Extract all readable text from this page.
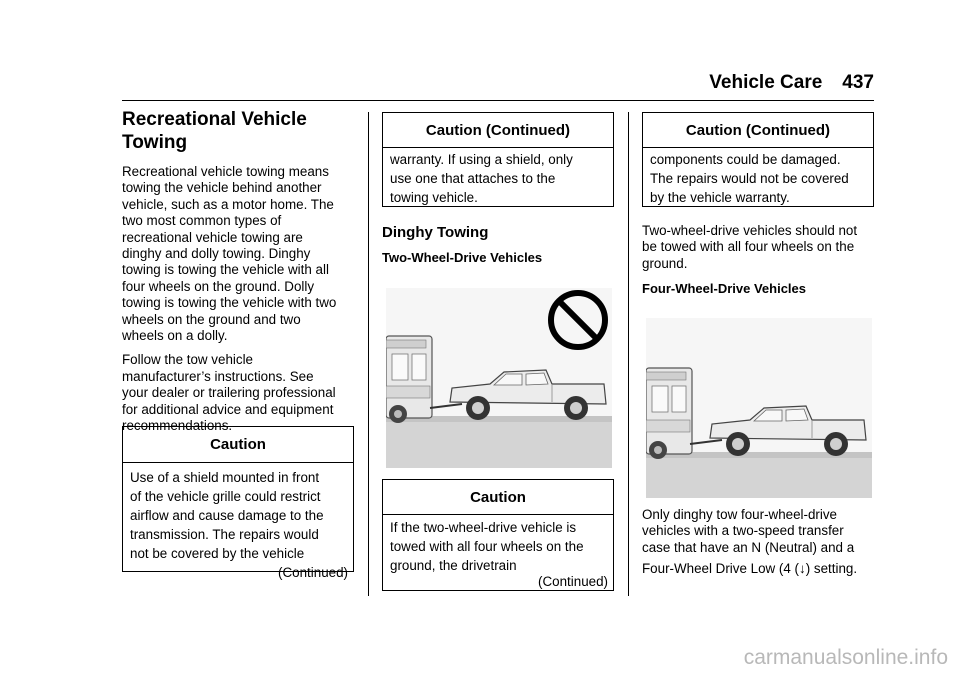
Vehicle Care 437
Recreational Vehicle
Towing
Recreational vehicle towing means
towing the vehicle behind another
vehicle, such as a motor home. The
two most common types of
recreational vehicle towing are
dinghy and dolly towing. Dinghy
towing is towing the vehicle with all
four wheels on the ground. Dolly
towing is towing the vehicle with two
wheels on the ground and two
wheels on a dolly.
Follow the tow vehicle
manufacturer’s instructions. See
your dealer or trailering professional
for additional advice and equipment
recommendations.
Caution
Use of a shield mounted in front
of the vehicle grille could restrict
airflow and cause damage to the
transmission. The repairs would
not be covered by the vehicle
(Continued)
Caution (Continued)
warranty. If using a shield, only
use one that attaches to the
towing vehicle.
Dinghy Towing
Two-Wheel-Drive Vehicles
Caution
If the two-wheel-drive vehicle is
towed with all four wheels on the
ground, the drivetrain
(Continued)
Caution (Continued)
components could be damaged.
The repairs would not be covered
by the vehicle warranty.
Two-wheel-drive vehicles should not
be towed with all four wheels on the
ground.
Four-Wheel-Drive Vehicles
Only dinghy tow four-wheel-drive
vehicles with a two-speed transfer
case that have an N (Neutral) and a
Four-Wheel Drive Low (4 (↓) setting.
carmanualsonline.info
